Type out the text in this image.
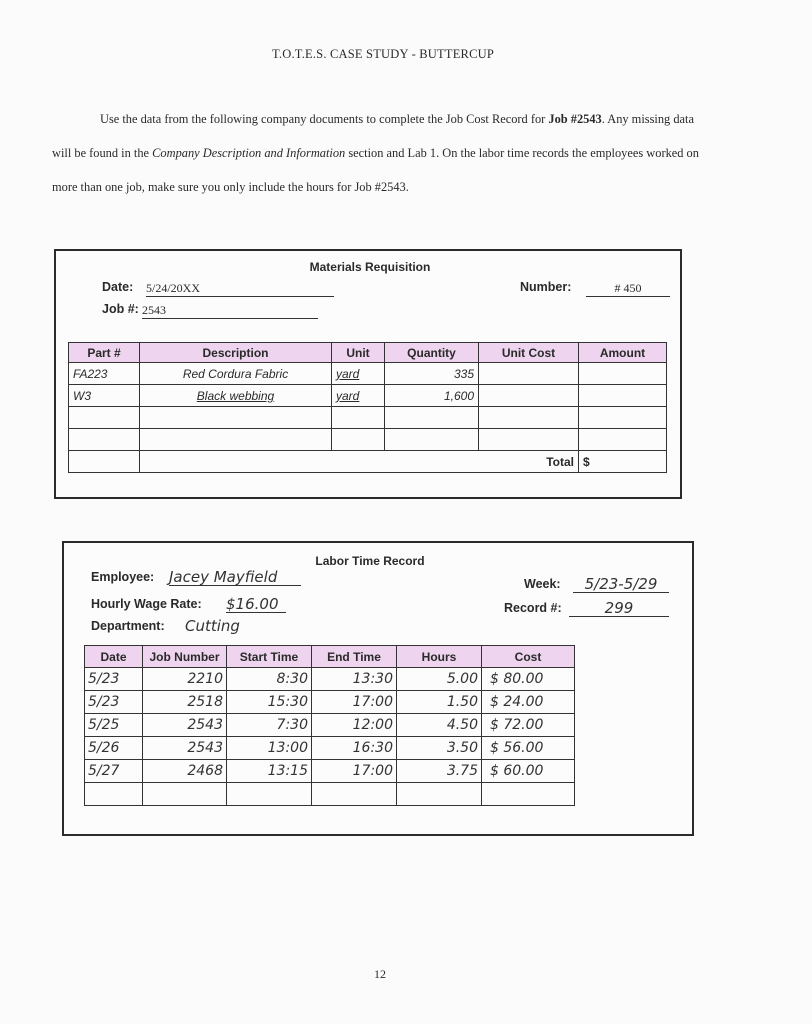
T.O.T.E.S. CASE STUDY - BUTTERCUP

Use the data from the following company documents to complete the Job Cost Record for Job #2543. Any missing data will be found in the Company Description and Information section and Lab 1. On the labor time records the employees worked on more than one job, make sure you only include the hours for Job #2543.

Materials Requisition
Date: 5/24/20XX
Job #: 2543
Number:	# 450
Part #	Description	Unit	Quantity	Unit Cost	Amount
FA223	Red Cordura Fabric	yard	335		
W3	Black webbing	yard	1,600		

	Total				$
Labor Time Record
Employee: Jacey Mayfield
Hourly Wage Rate: $16.00
Department: Cutting
Week:	5/23-5/29
Record #:	299
Date	Job Number	Start Time	End Time	Hours	Cost
5/23	2210	8:30	13:30	5.00	$ 80.00
5/23	2518	15:30	17:00	1.50	$ 24.00
5/25	2543	7:30	12:00	4.50	$ 72.00
5/26	2543	13:00	16:30	3.50	$ 56.00
5/27	2468	13:15	17:00	3.75	$ 60.00

12
